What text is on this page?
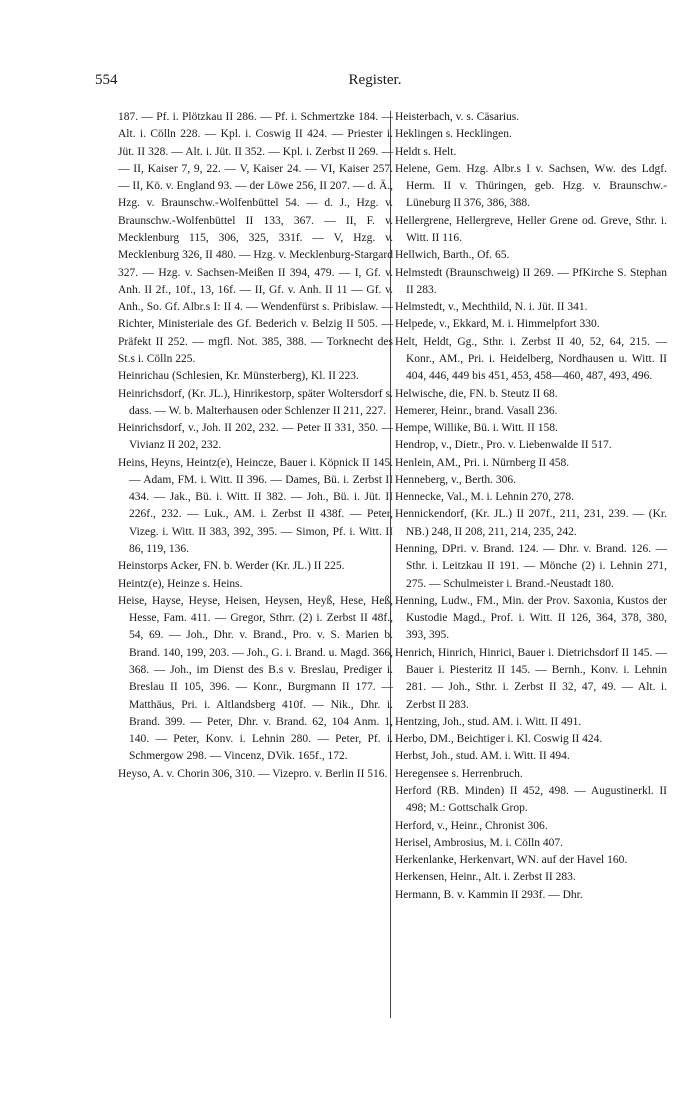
554	Register.

187. — Pf. i. Plötzkau II 286. — Pf. i. Schmertzke 184. — Alt. i. Cölln 228. — Kpl. i. Coswig II 424. — Priester i. Jüt. II 328. — Alt. i. Jüt. II 352. — Kpl. i. Zerbst II 269. — — II, Kaiser 7, 9, 22. — V, Kaiser 24. — VI, Kaiser 257. — II, Kö. v. England 93. — der Löwe 256, II 207. — d. Ä., Hzg. v. Braunschw.-Wolfenbüttel 54. — d. J., Hzg. v. Braunschw.-Wolfenbüttel II 133, 367. — II, F. v. Mecklenburg 115, 306, 325, 331f. — V, Hzg. v. Mecklenburg 326, II 480. — Hzg. v. Mecklenburg-Stargard 327. — Hzg. v. Sachsen-Meißen II 394, 479. — I, Gf. v. Anh. II 2f., 10f., 13, 16f. — II, Gf. v. Anh. II 11 — Gf. v. Anh., So. Gf. Albr.s I: II 4. — Wendenfürst s. Pribislaw. — Richter, Ministeriale des Gf. Bederich v. Belzig II 505. — Präfekt II 252. — mgfl. Not. 385, 388. — Torknecht des St.s i. Cölln 225.

Heinrichau (Schlesien, Kr. Münsterberg), Kl. II 223.

Heinrichsdorf, (Kr. JL.), Hinrikestorp, später Woltersdorf s. dass. — W. b. Malterhausen oder Schlenzer II 211, 227.

Heinrichsdorf, v., Joh. II 202, 232. — Peter II 331, 350. — Vivianz II 202, 232.

Heins, Heyns, Heintz(e), Heincze, Bauer i. Köpnick II 145. — Adam, FM. i. Witt. II 396. — Dames, Bü. i. Zerbst II 434. — Jak., Bü. i. Witt. II 382. — Joh., Bü. i. Jüt. II 226f., 232. — Luk., AM. i. Zerbst II 438f. — Peter, Vizeg. i. Witt. II 383, 392, 395. — Simon, Pf. i. Witt. II 86, 119, 136.

Heinstorps Acker, FN. b. Werder (Kr. JL.) II 225.

Heintz(e), Heinze s. Heins.

Heise, Hayse, Heyse, Heisen, Heysen, Heyß, Hese, Heß, Hesse, Fam. 411. — Gregor, Sthrr. (2) i. Zerbst II 48f., 54, 69. — Joh., Dhr. v. Brand., Pro. v. S. Marien b. Brand. 140, 199, 203. — Joh., G. i. Brand. u. Magd. 366, 368. — Joh., im Dienst des B.s v. Breslau, Prediger i. Breslau II 105, 396. — Konr., Burgmann II 177. — Matthäus, Pri. i. Altlandsberg 410f. — Nik., Dhr. i. Brand. 399. — Peter, Dhr. v. Brand. 62, 104 Anm. 1, 140. — Peter, Konv. i. Lehnin 280. — Peter, Pf. i. Schmergow 298. — Vincenz, DVik. 165f., 172.

Heyso, A. v. Chorin 306, 310. — Vizepro. v. Berlin II 516.

Heisterbach, v. s. Cäsarius.

Heklingen s. Hecklingen.

Heldt s. Helt.

Helene, Gem. Hzg. Albr.s I v. Sachsen, Ww. des Ldgf. Herm. II v. Thüringen, geb. Hzg. v. Braunschw.-Lüneburg II 376, 386, 388.

Hellergrene, Hellergreve, Heller Grene od. Greve, Sthr. i. Witt. II 116.

Hellwich, Barth., Of. 65.

Helmstedt (Braunschweig) II 269. — PfKirche S. Stephan II 283.

Helmstedt, v., Mechthild, N. i. Jüt. II 341.

Helpede, v., Ekkard, M. i. Himmelpfort 330.

Helt, Heldt, Gg., Sthr. i. Zerbst II 40, 52, 64, 215. — Konr., AM., Pri. i. Heidelberg, Nordhausen u. Witt. II 404, 446, 449 bis 451, 453, 458—460, 487, 493, 496.

Helwische, die, FN. b. Steutz II 68.

Hemerer, Heinr., brand. Vasall 236.

Hempe, Willike, Bü. i. Witt. II 158.

Hendrop, v., Dietr., Pro. v. Liebenwalde II 517.

Henlein, AM., Pri. i. Nürnberg II 458.

Henneberg, v., Berth. 306.

Hennecke, Val., M. i. Lehnin 270, 278.

Hennickendorf, (Kr. JL.) II 207f., 211, 231, 239. — (Kr. NB.) 248, II 208, 211, 214, 235, 242.

Henning, DPri. v. Brand. 124. — Dhr. v. Brand. 126. — Sthr. i. Leitzkau II 191. — Mönche (2) i. Lehnin 271, 275. — Schulmeister i. Brand.-Neustadt 180.

Henning, Ludw., FM., Min. der Prov. Saxonia, Kustos der Kustodie Magd., Prof. i. Witt. II 126, 364, 378, 380, 393, 395.

Henrich, Hinrich, Hinrici, Bauer i. Dietrichsdorf II 145. — Bauer i. Piesteritz II 145. — Bernh., Konv. i. Lehnin 281. — Joh., Sthr. i. Zerbst II 32, 47, 49. — Alt. i. Zerbst II 283.

Hentzing, Joh., stud. AM. i. Witt. II 491.

Herbo, DM., Beichtiger i. Kl. Coswig II 424.

Herbst, Joh., stud. AM. i. Witt. II 494.

Heregensee s. Herrenbruch.

Herford (RB. Minden) II 452, 498. — Augustinerkl. II 498; M.: Gottschalk Grop.

Herford, v., Heinr., Chronist 306.

Herisel, Ambrosius, M. i. Cölln 407.

Herkenlanke, Herkenvart, WN. auf der Havel 160.

Herkensen, Heinr., Alt. i. Zerbst II 283.

Hermann, B. v. Kammin II 293f. — Dhr.
